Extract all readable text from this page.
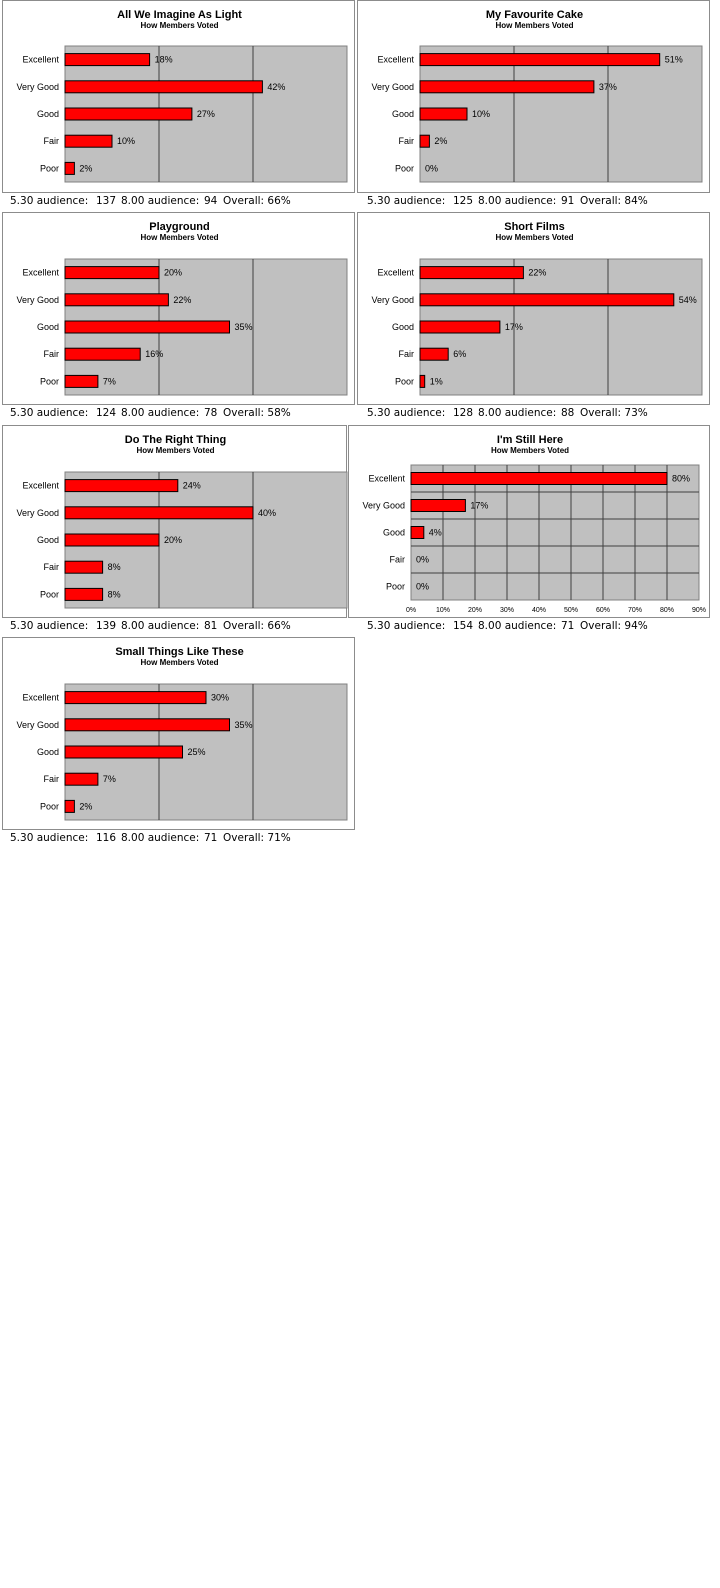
All We Imagine As Light
How Members Voted
Excellent	18%
Very Good	42%
Good	27%
Fair	10%
Poor 2%

5.30 audience:

137

8.00 audience:

94

Overall: 66%

My Favourite Cake
How Members Voted
Excellent	51%
Very Good	37%
Good	10%
Fair 2%
Poor 0%

5.30 audience:

125

8.00 audience:

91

Overall: 84%

Playground
How Members Voted
Excellent	20%
Very Good	22%
Good	35%
Fair	16%
Poor	7%

5.30 audience:

124

8.00 audience:

78

Overall: 58%

Short Films
How Members Voted
Excellent	22%
Very Good	54%
Good	17%
Fair	6%
Poor 1%

5.30 audience:

128

8.00 audience:

88

Overall: 73%

Do The Right Thing
How Members Voted
Excellent	24%
Very Good	40%
Good	20%
Fair	8%
Poor	8%

5.30 audience:

139

8.00 audience:

81

Overall: 66%

I'm Still Here
How Members Voted
0%	10%	20%	30%	40%	50%	60%	70%	80%	90%
Excellent	80%
Very Good	17%
Good	4%
Fair 0%
Poor 0%

5.30 audience:

154

8.00 audience:

71

Overall: 94%

Small Things Like These
How Members Voted
Excellent	30%
Very Good	35%
Good	25%
Fair	7%
Poor 2%

5.30 audience:

116

8.00 audience:

71

Overall: 71%
